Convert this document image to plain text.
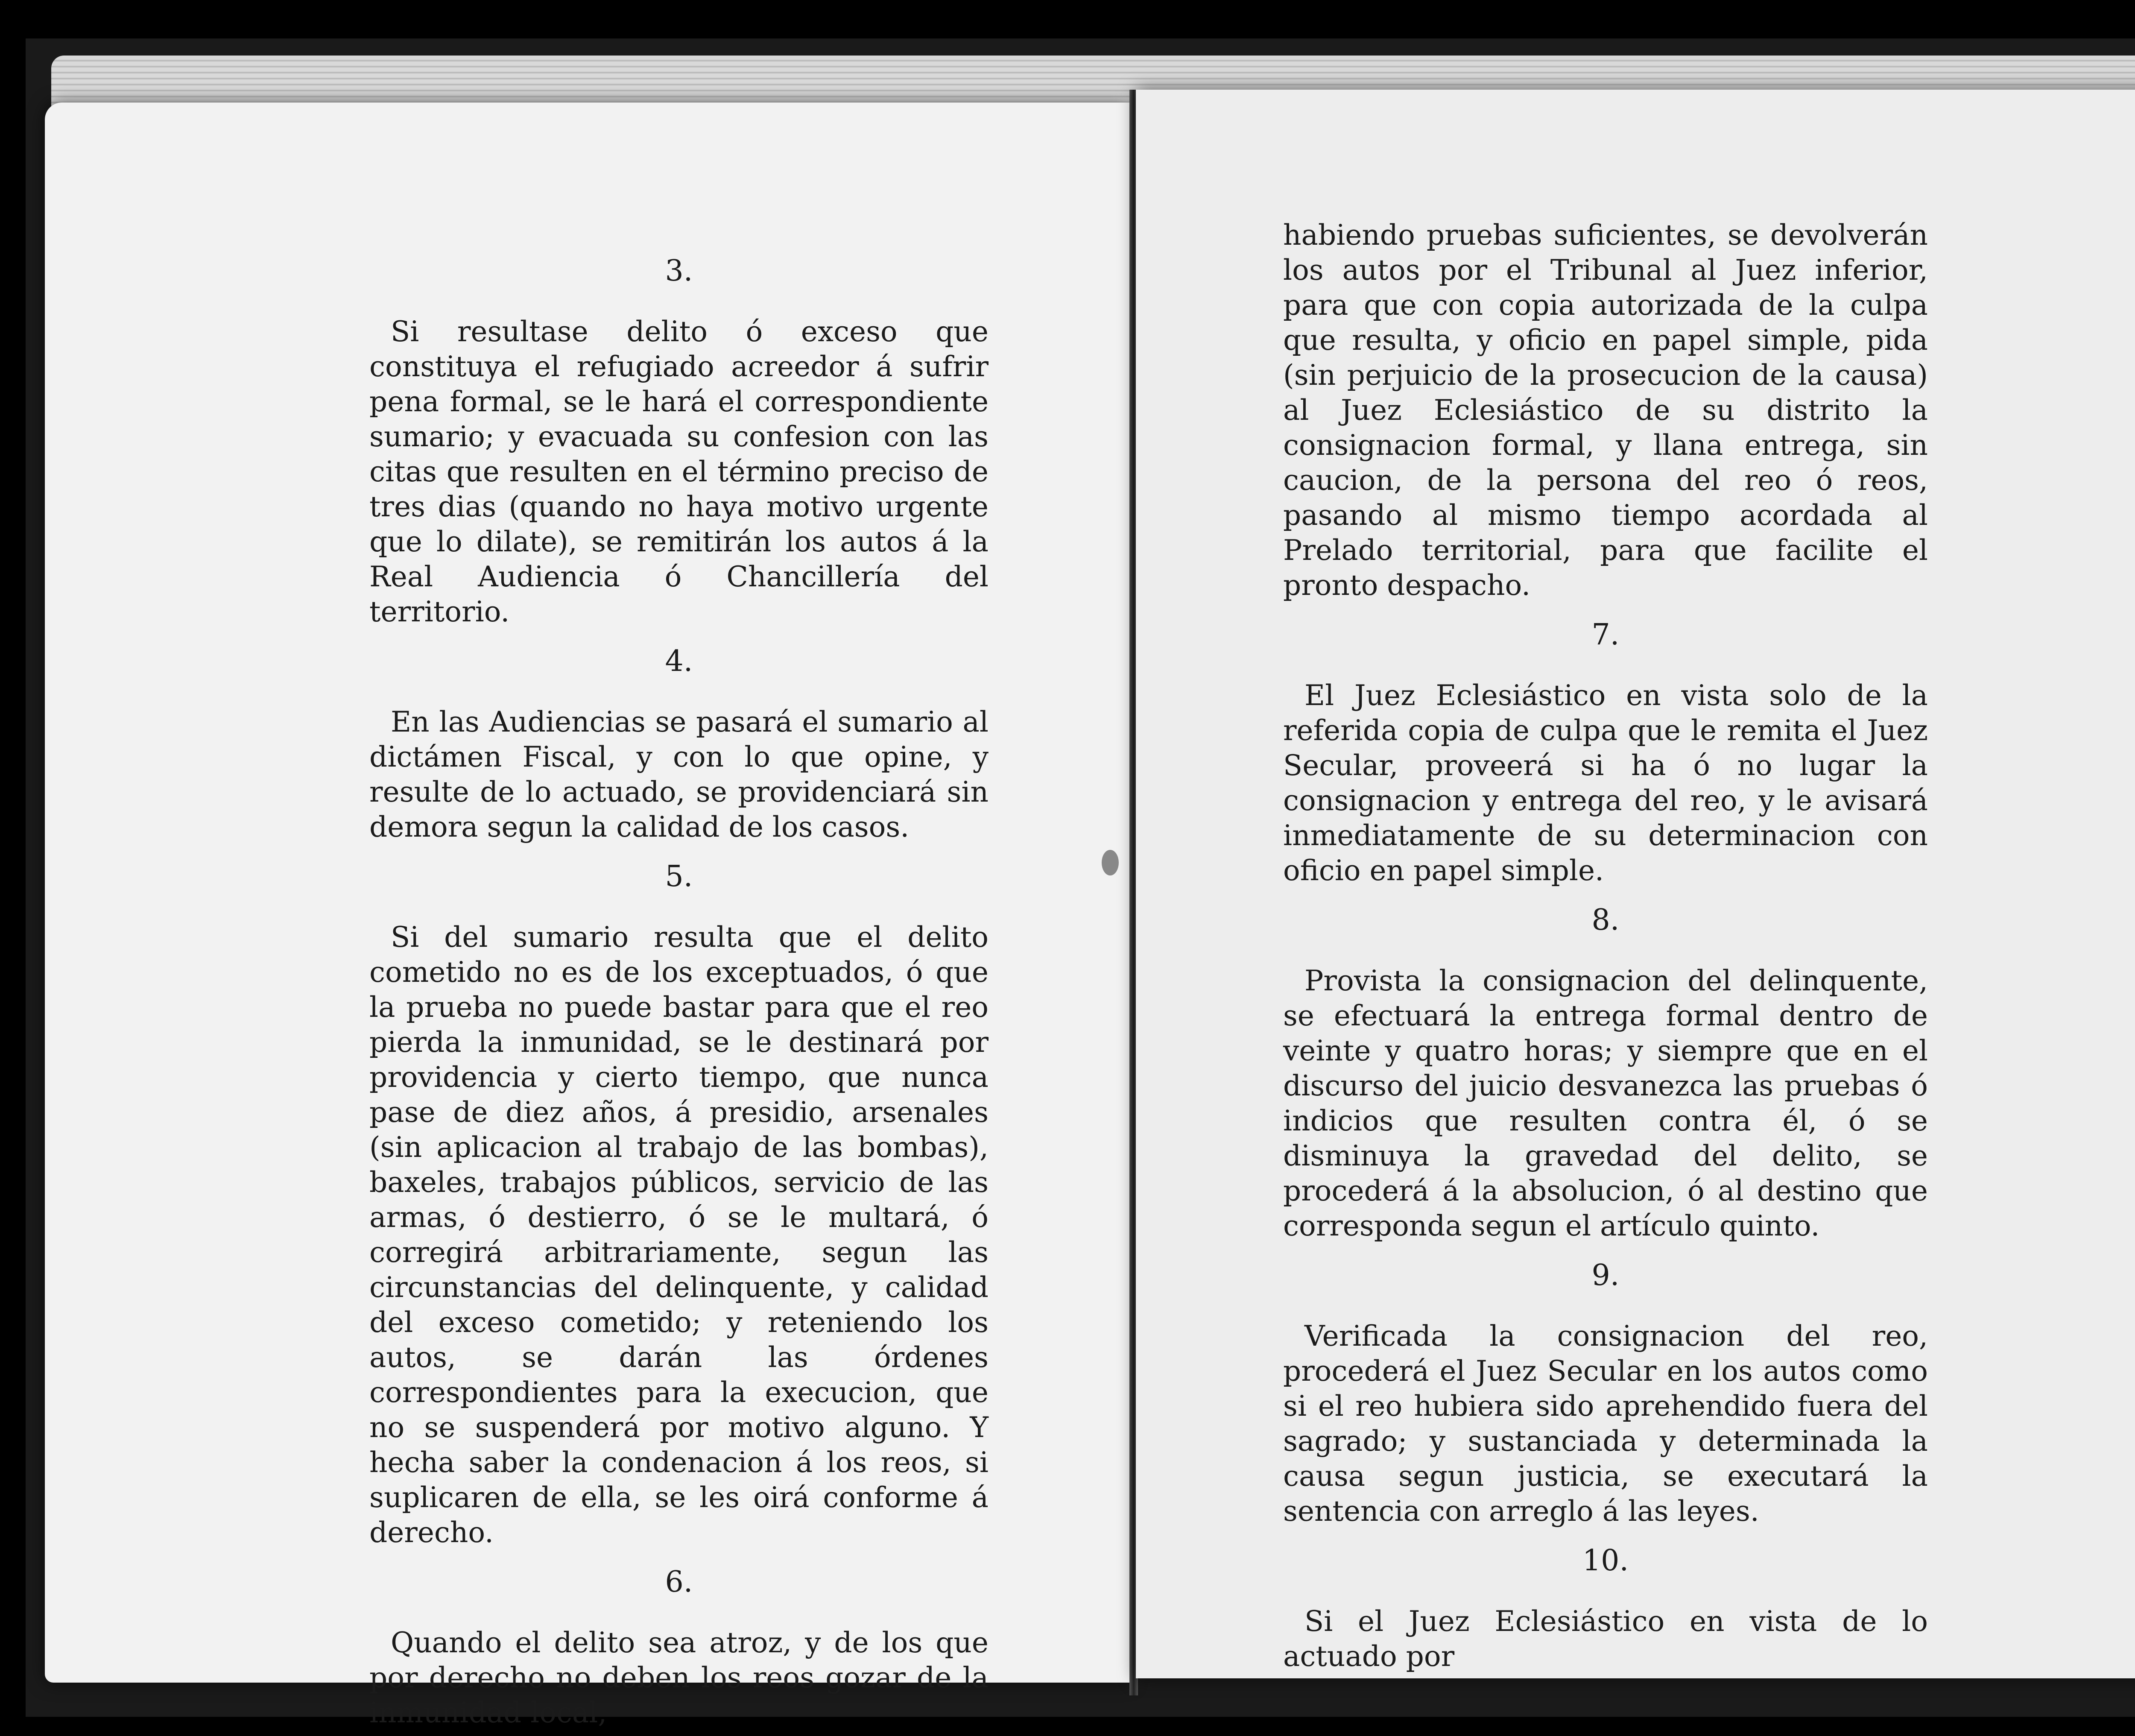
3.

Si resultase delito ó exceso que constituya el refugiado acreedor á sufrir pena formal, se le hará el correspondiente sumario; y evacuada su confesion con las citas que resulten en el término preciso de tres dias (quando no haya motivo urgente que lo dilate), se remitirán los autos á la Real Audiencia ó Chancillería del territorio.

4.

En las Audiencias se pasará el sumario al dictámen Fiscal, y con lo que opine, y resulte de lo actuado, se providenciará sin demora segun la calidad de los casos.

5.

Si del sumario resulta que el delito cometido no es de los exceptuados, ó que la prueba no puede bastar para que el reo pierda la inmunidad, se le destinará por providencia y cierto tiempo, que nunca pase de diez años, á presidio, arsenales (sin aplicacion al trabajo de las bombas), baxeles, trabajos públicos, servicio de las armas, ó destierro, ó se le multará, ó corregirá arbitrariamente, segun las circunstancias del delinquente, y calidad del exceso cometido; y reteniendo los autos, se darán las órdenes correspondientes para la execucion, que no se suspenderá por motivo alguno. Y hecha saber la condenacion á los reos, si suplicaren de ella, se les oirá conforme á derecho.

6.

Quando el delito sea atroz, y de los que por derecho no deben los reos gozar de la inmunidad local,

habiendo pruebas suficientes, se devolverán los autos por el Tribunal al Juez inferior, para que con copia autorizada de la culpa que resulta, y oficio en papel simple, pida (sin perjuicio de la prosecucion de la causa) al Juez Eclesiástico de su distrito la consignacion formal, y llana entrega, sin caucion, de la persona del reo ó reos, pasando al mismo tiempo acordada al Prelado territorial, para que facilite el pronto despacho.

7.

El Juez Eclesiástico en vista solo de la referida copia de culpa que le remita el Juez Secular, proveerá si ha ó no lugar la consignacion y entrega del reo, y le avisará inmediatamente de su determinacion con oficio en papel simple.

8.

Provista la consignacion del delinquente, se efectuará la entrega formal dentro de veinte y quatro horas; y siempre que en el discurso del juicio desvanezca las pruebas ó indicios que resulten contra él, ó se disminuya la gravedad del delito, se procederá á la absolucion, ó al destino que corresponda segun el artículo quinto.

9.

Verificada la consignacion del reo, procederá el Juez Secular en los autos como si el reo hubiera sido aprehendido fuera del sagrado; y sustanciada y determinada la causa segun justicia, se executará la sentencia con arreglo á las leyes.

10.

Si el Juez Eclesiástico en vista de lo actuado por
